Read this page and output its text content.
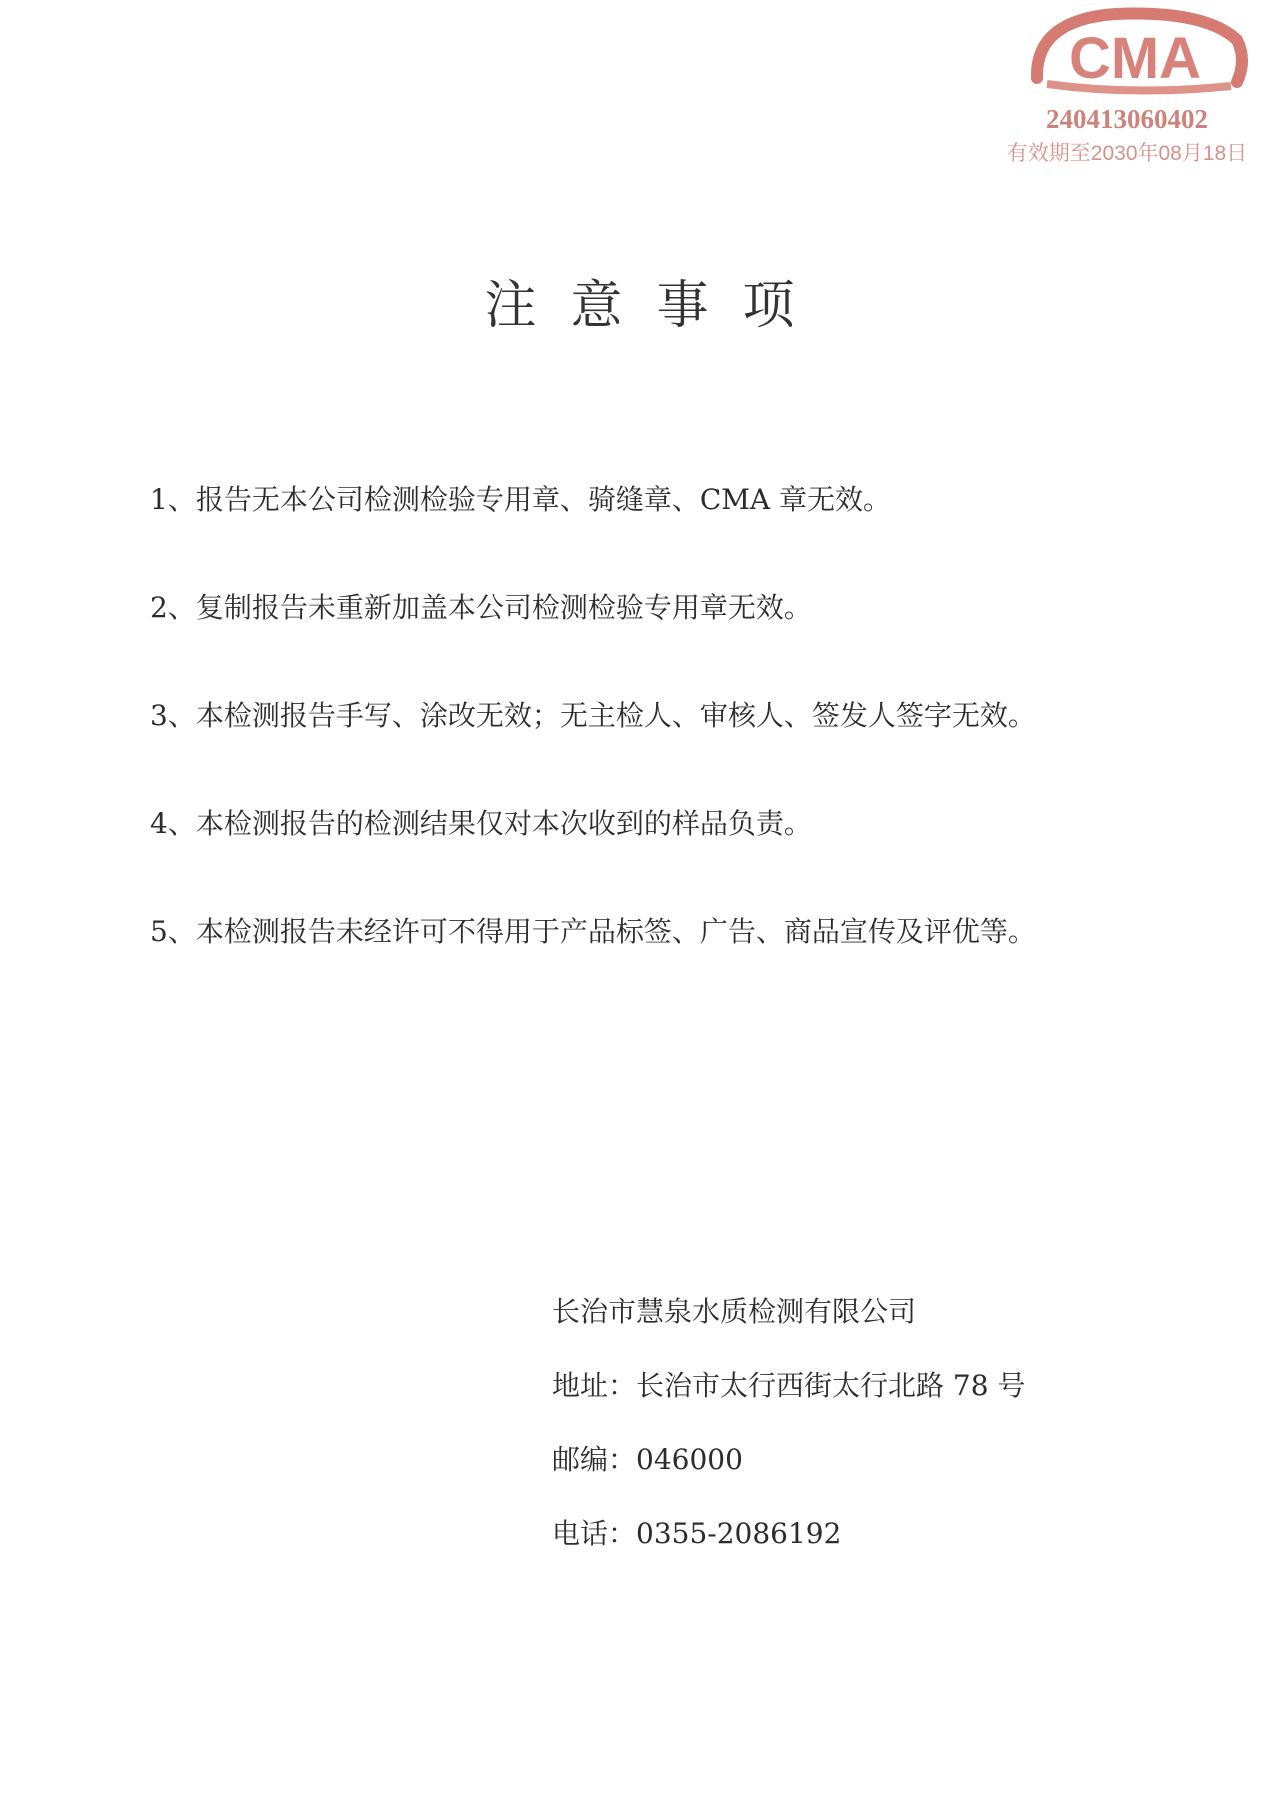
CMA
240413060402
有效期至2030年08月18日
注意事项
1、报告无本公司检测检验专用章、骑缝章、CMA 章无效。
2、复制报告未重新加盖本公司检测检验专用章无效。
3、本检测报告手写、涂改无效；无主检人、审核人、签发人签字无效。
4、本检测报告的检测结果仅对本次收到的样品负责。
5、本检测报告未经许可不得用于产品标签、广告、商品宣传及评优等。
长治市慧泉水质检测有限公司
地址：长治市太行西街太行北路 78 号
邮编：046000
电话：0355-2086192
